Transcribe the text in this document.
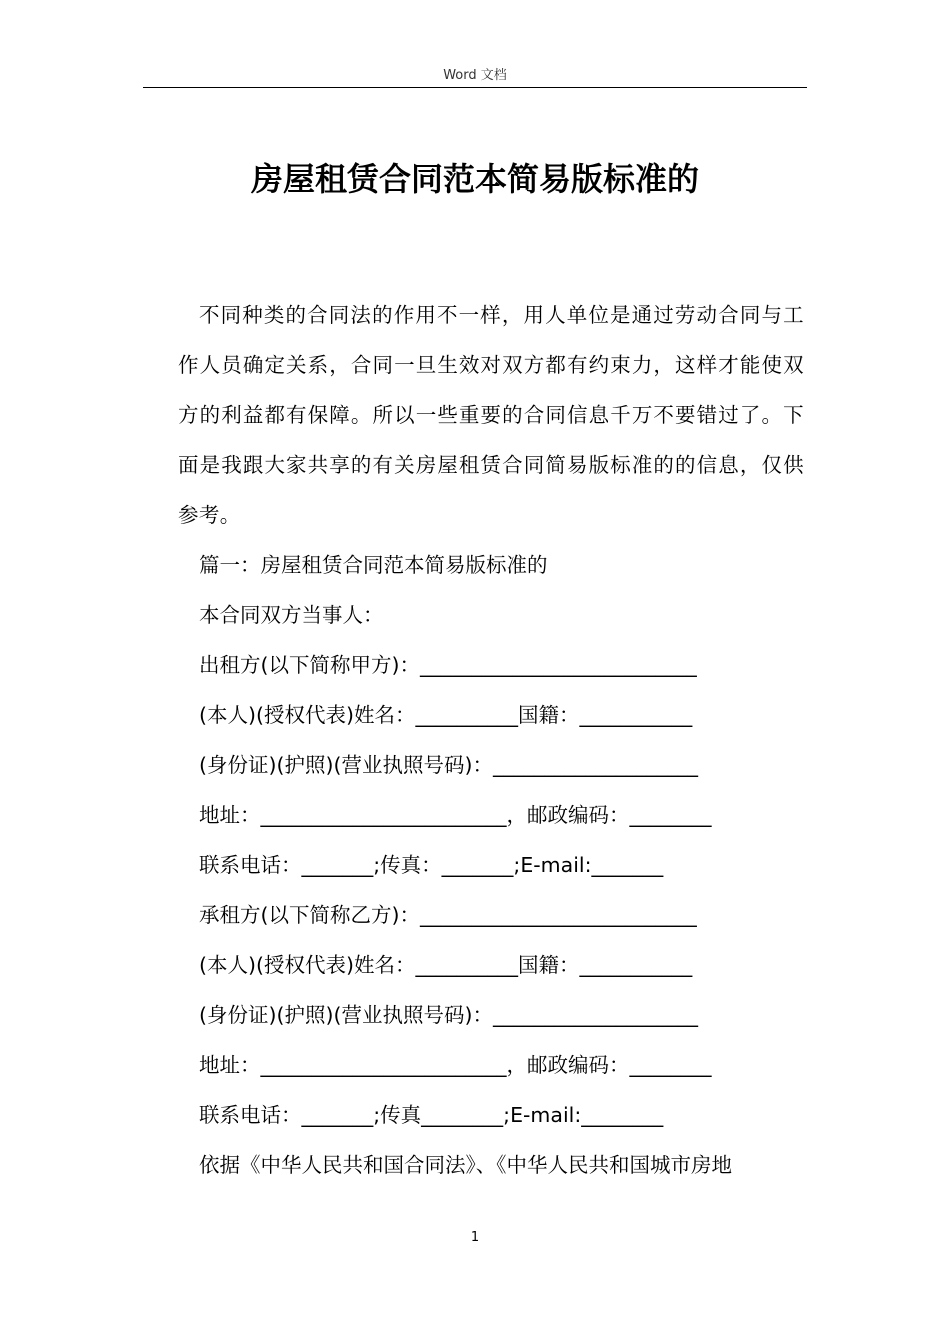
Word 文档
房屋租赁合同范本简易版标准的

不同种类的合同法的作用不一样，用人单位是通过劳动合同与工作人员确定关系，合同一旦生效对双方都有约束力，这样才能使双方的利益都有保障。所以一些重要的合同信息千万不要错过了。下面是我跟大家共享的有关房屋租赁合同简易版标准的的信息，仅供参考。

篇一：房屋租赁合同范本简易版标准的

本合同双方当事人：

出租方(以下简称甲方)：___________________________

(本人)(授权代表)姓名：__________国籍：___________

(身份证)(护照)(营业执照号码)：____________________

地址：________________________，邮政编码：________

联系电话：_______;传真：_______;E-mail:_______

承租方(以下简称乙方)：___________________________

(本人)(授权代表)姓名：__________国籍：___________

(身份证)(护照)(营业执照号码)：____________________

地址：________________________，邮政编码：________

联系电话：_______;传真________;E-mail:________

依据《中华人民共和国合同法》、《中华人民共和国城市房地

1
